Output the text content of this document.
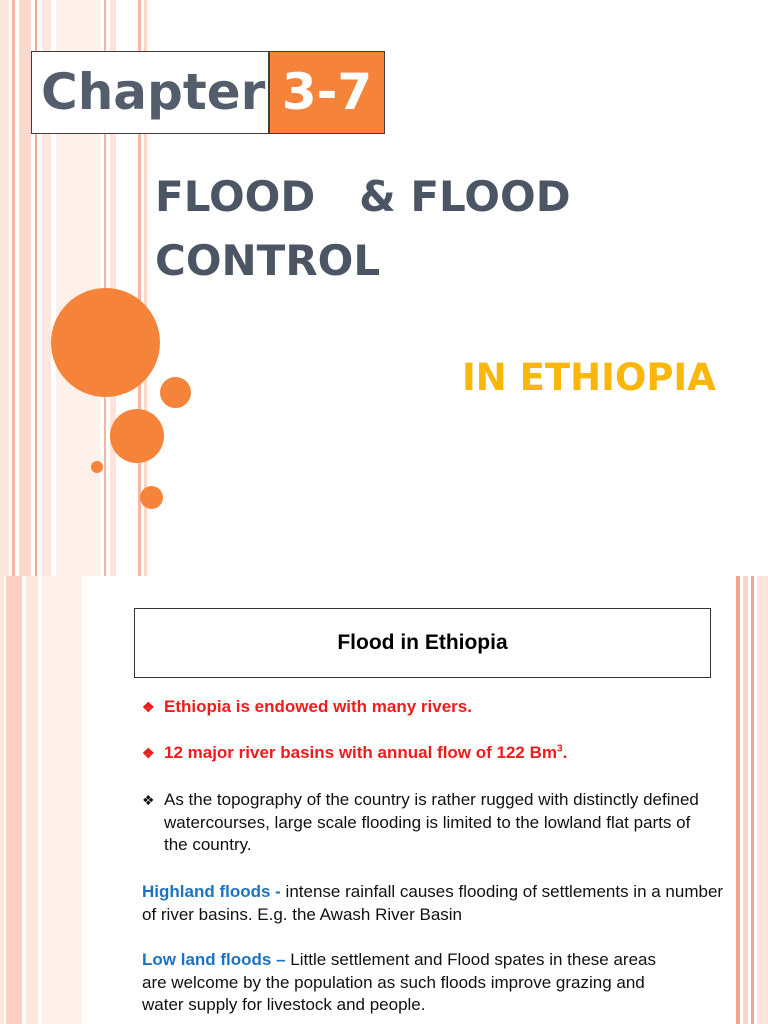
Chapter 3-7
FLOOD   & FLOOD
CONTROL
IN ETHIOPIA
Flood in Ethiopia
❖ Ethiopia is endowed with many rivers.
❖ 12 major river basins with annual flow of 122 Bm$^3$.
❖ As the topography of the country is rather rugged with distinctly defined watercourses, large scale flooding is limited to the lowland flat parts of the country.
Highland floods - intense rainfall causes flooding of settlements in a number of river basins. E.g. the Awash River Basin
Low land floods – Little settlement and Flood spates in these areas are welcome by the population as such floods improve grazing and water supply for livestock and people.
